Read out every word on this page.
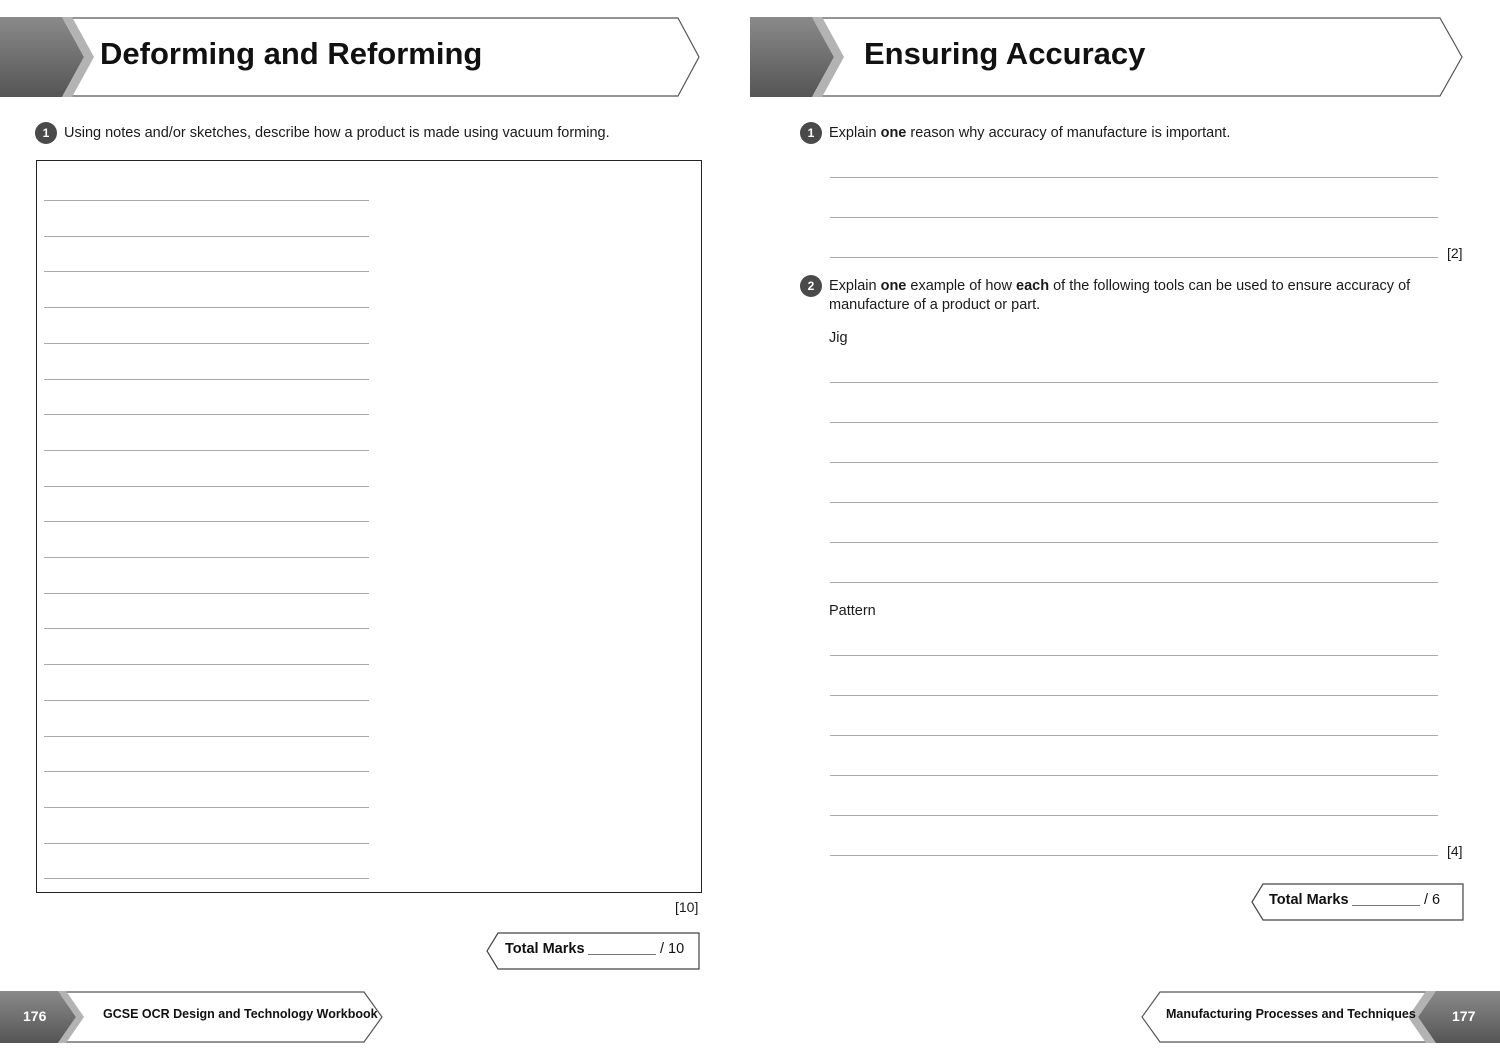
Deforming and Reforming
1	Using notes and/or sketches, describe how a product is made using vacuum forming.
[10]
Total Marks	/ 10
176	GCSE OCR Design and Technology Workbook
Ensuring Accuracy
1	Explain one reason why accuracy of manufacture is important.
[2]
2	Explain one example of how each of the following tools can be used to ensure accuracy of
manufacture of a product or part.
Jig
Pattern
[4]
Total Marks	/ 6
Manufacturing Processes and Techniques	177
